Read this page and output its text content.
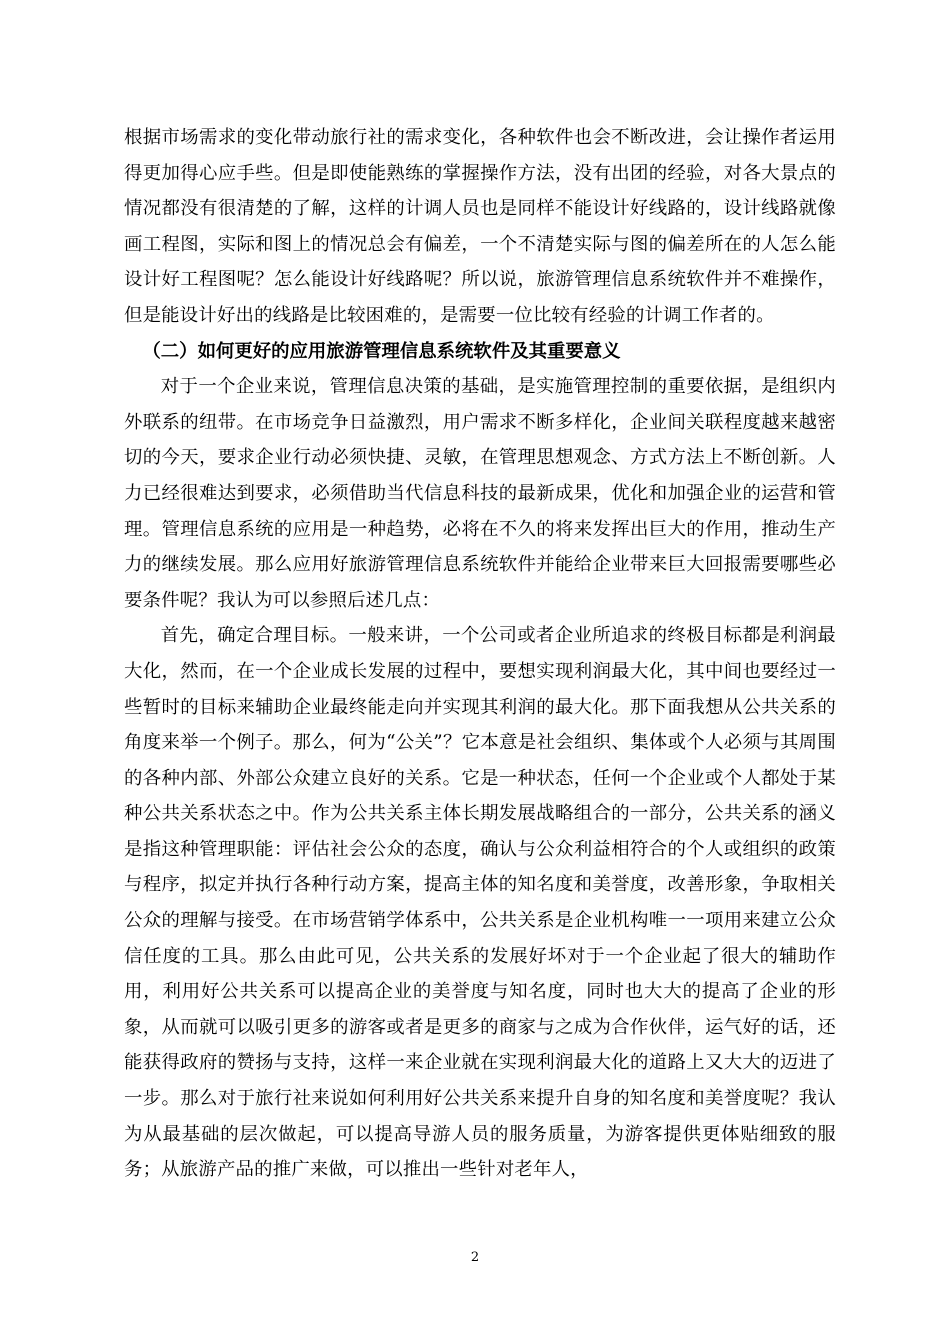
根据市场需求的变化带动旅行社的需求变化，各种软件也会不断改进，会让操作者运用得更加得心应手些。但是即使能熟练的掌握操作方法，没有出团的经验，对各大景点的情况都没有很清楚的了解，这样的计调人员也是同样不能设计好线路的，设计线路就像画工程图，实际和图上的情况总会有偏差，一个不清楚实际与图的偏差所在的人怎么能设计好工程图呢？怎么能设计好线路呢？所以说，旅游管理信息系统软件并不难操作，但是能设计好出的线路是比较困难的，是需要一位比较有经验的计调工作者的。

（二）如何更好的应用旅游管理信息系统软件及其重要意义

对于一个企业来说，管理信息决策的基础，是实施管理控制的重要依据，是组织内外联系的纽带。在市场竞争日益激烈，用户需求不断多样化，企业间关联程度越来越密切的今天，要求企业行动必须快捷、灵敏，在管理思想观念、方式方法上不断创新。人力已经很难达到要求，必须借助当代信息科技的最新成果，优化和加强企业的运营和管理。管理信息系统的应用是一种趋势，必将在不久的将来发挥出巨大的作用，推动生产力的继续发展。那么应用好旅游管理信息系统软件并能给企业带来巨大回报需要哪些必要条件呢？我认为可以参照后述几点：

首先，确定合理目标。一般来讲，一个公司或者企业所追求的终极目标都是利润最大化，然而，在一个企业成长发展的过程中，要想实现利润最大化，其中间也要经过一些暂时的目标来辅助企业最终能走向并实现其利润的最大化。那下面我想从公共关系的角度来举一个例子。那么，何为“公关”？它本意是社会组织、集体或个人必须与其周围的各种内部、外部公众建立良好的关系。它是一种状态，任何一个企业或个人都处于某种公共关系状态之中。作为公共关系主体长期发展战略组合的一部分，公共关系的涵义是指这种管理职能：评估社会公众的态度，确认与公众利益相符合的个人或组织的政策与程序，拟定并执行各种行动方案，提高主体的知名度和美誉度，改善形象，争取相关公众的理解与接受。在市场营销学体系中，公共关系是企业机构唯一一项用来建立公众信任度的工具。那么由此可见，公共关系的发展好坏对于一个企业起了很大的辅助作用，利用好公共关系可以提高企业的美誉度与知名度，同时也大大的提高了企业的形象，从而就可以吸引更多的游客或者是更多的商家与之成为合作伙伴，运气好的话，还能获得政府的赞扬与支持，这样一来企业就在实现利润最大化的道路上又大大的迈进了一步。那么对于旅行社来说如何利用好公共关系来提升自身的知名度和美誉度呢？我认为从最基础的层次做起，可以提高导游人员的服务质量，为游客提供更体贴细致的服务；从旅游产品的推广来做，可以推出一些针对老年人，

2
